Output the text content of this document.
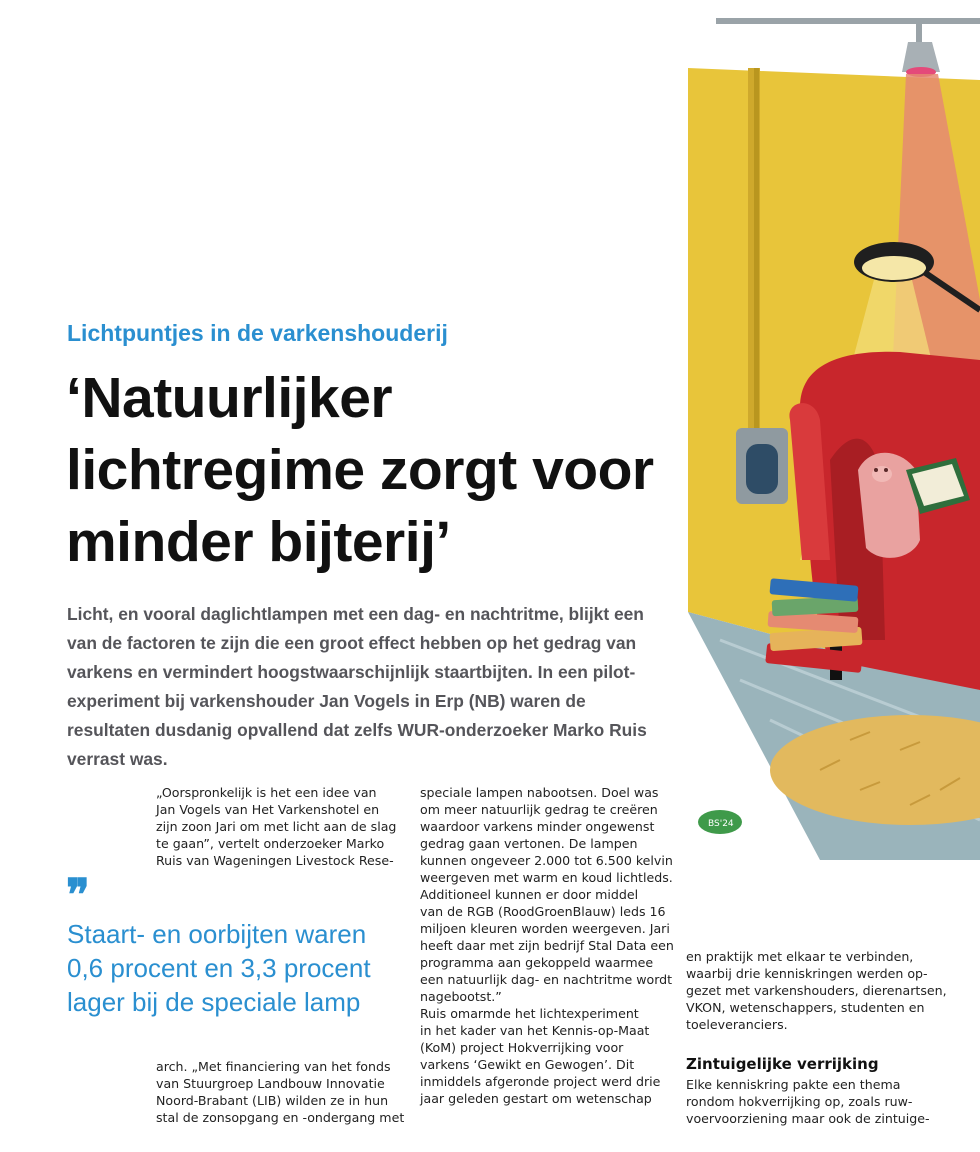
BS'24
Lichtpuntjes in de varkenshouderij
‘Natuurlijker lichtregime zorgt voor minder bijterij’

Licht, en vooral daglichtlampen met een dag- en nachtritme, blijkt een van de factoren te zijn die een groot effect hebben op het gedrag van varkens en vermindert hoogstwaarschijnlijk staartbijten. In een pilot-experiment bij varkenshouder Jan Vogels in Erp (NB) waren de resultaten dusdanig opvallend dat zelfs WUR-onderzoeker Marko Ruis verrast was.

„Oorspronkelijk is het een idee van
Jan Vogels van Het Varkenshotel en
zijn zoon Jari om met licht aan de slag
te gaan”, vertelt onderzoeker Marko
Ruis van Wageningen Livestock Rese-
❞
Staart- en oorbijten waren
0,6 procent en 3,3 procent
lager bij de speciale lamp
arch. „Met financiering van het fonds
van Stuurgroep Landbouw Innovatie
Noord-Brabant (LIB) wilden ze in hun
stal de zonsopgang en -ondergang met
speciale lampen nabootsen. Doel was
om meer natuurlijk gedrag te creëren
waardoor varkens minder ongewenst
gedrag gaan vertonen. De lampen
kunnen ongeveer 2.000 tot 6.500 kelvin
weergeven met warm en koud lichtleds.
Additioneel kunnen er door middel
van de RGB (RoodGroenBlauw) leds 16
miljoen kleuren worden weergeven. Jari
heeft daar met zijn bedrijf Stal Data een
programma aan gekoppeld waarmee
een natuurlijk dag- en nachtritme wordt
nagebootst.”
Ruis omarmde het lichtexperiment
in het kader van het Kennis-op-Maat
(KoM) project Hokverrijking voor
varkens ‘Gewikt en Gewogen’. Dit
inmiddels afgeronde project werd drie
jaar geleden gestart om wetenschap
en praktijk met elkaar te verbinden,
waarbij drie kenniskringen werden op-
gezet met varkenshouders, dierenartsen,
VKON, wetenschappers, studenten en
toeleveranciers.
Zintuigelijke verrijking
Elke kenniskring pakte een thema
rondom hokverrijking op, zoals ruw-
voervoorziening maar ook de zintuige-
